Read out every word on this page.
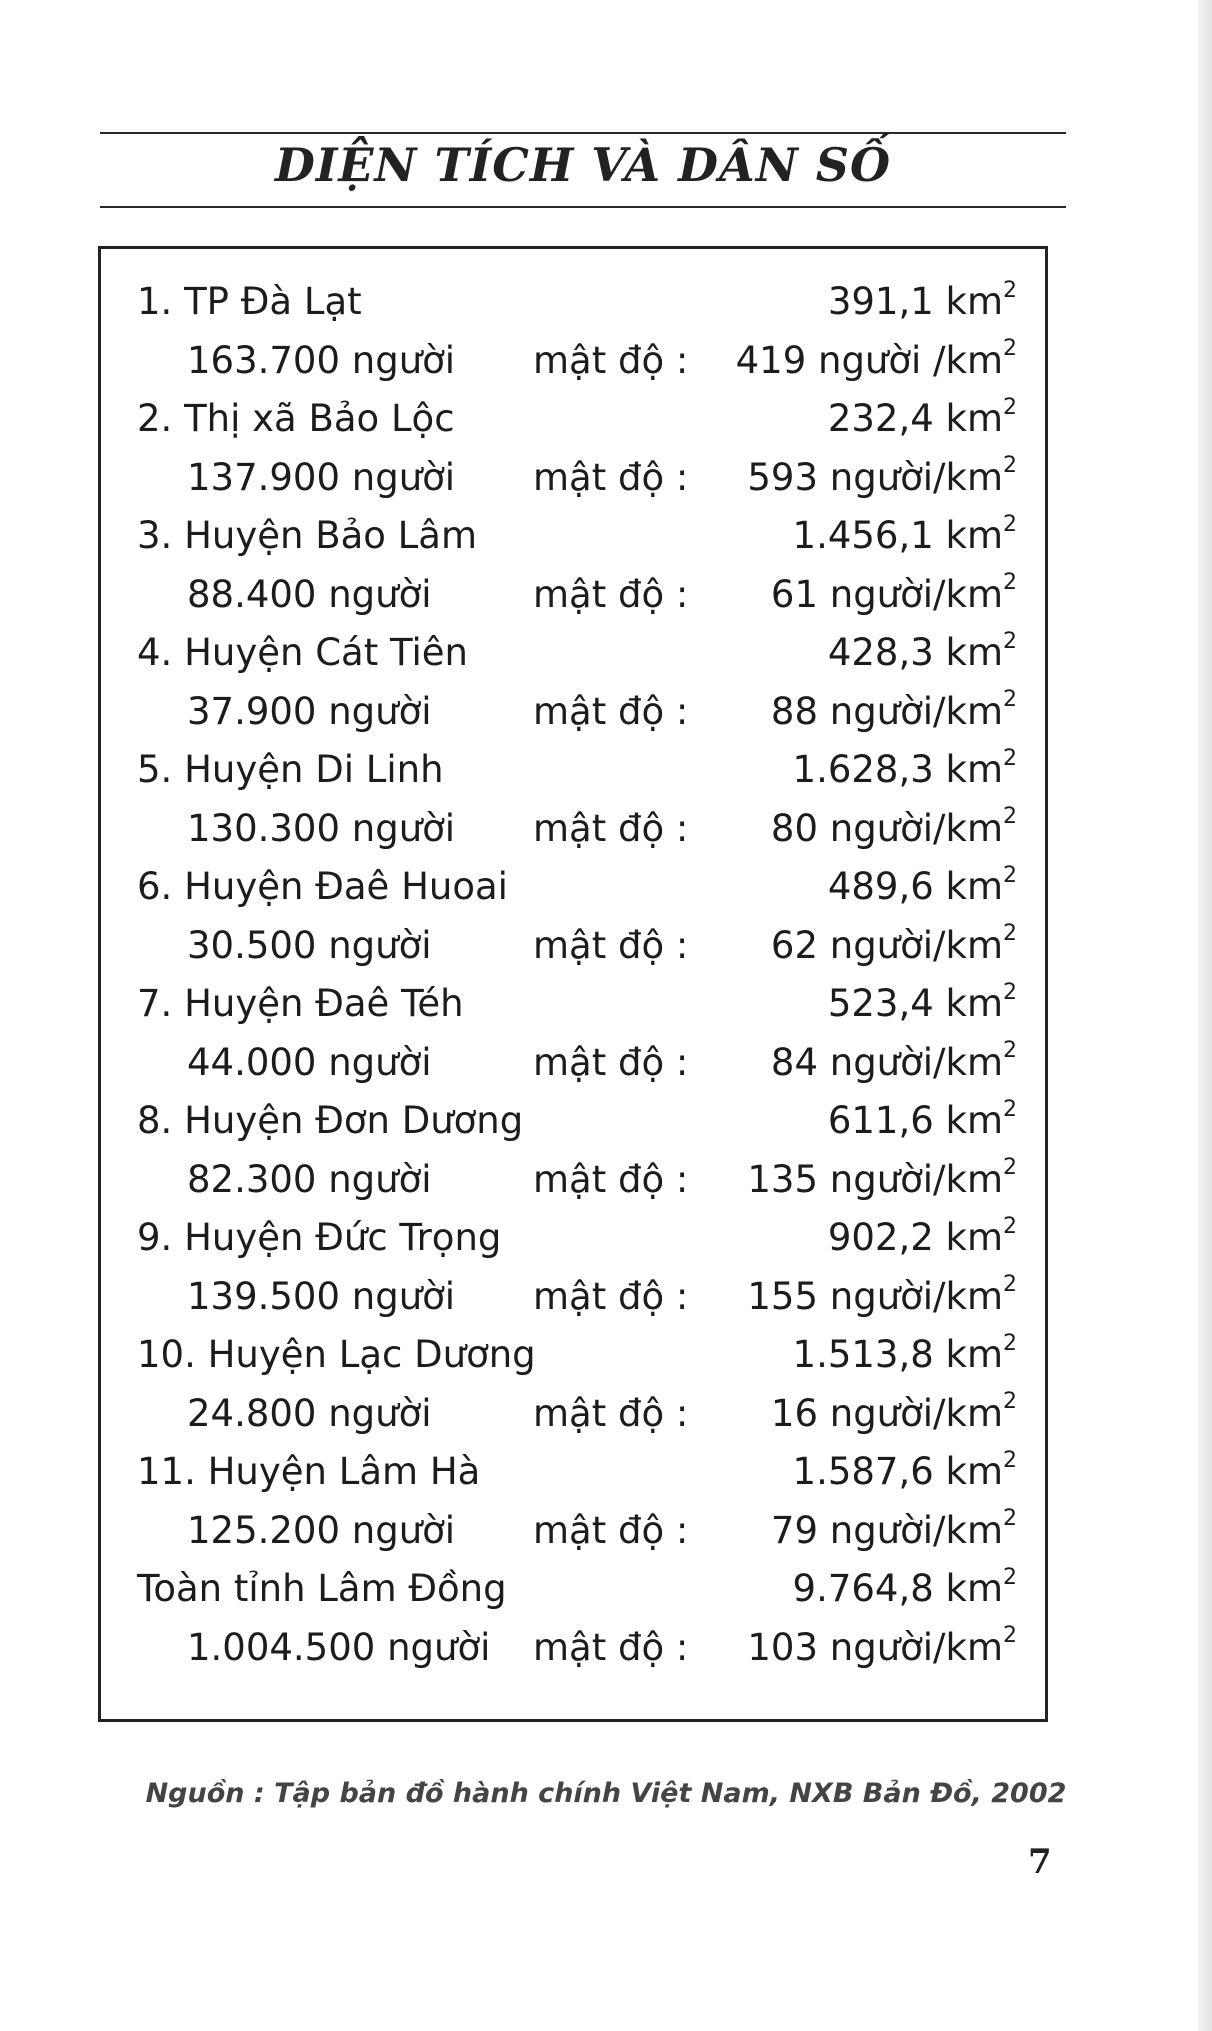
DIỆN TÍCH VÀ DÂN SỐ
1. TP Đà Lạt	391,1 $km^2$
163.700 người mật độ : 419 người $/km^2$
2. Thị xã Bảo Lộc	232,4 $km^2$
137.900 người mật độ : 593 người/$km^2$
3. Huyện Bảo Lâm	1.456,1 $km^2$
88.400 người	mật độ : 61 người/$km^2$
4. Huyện Cát Tiên	428,3 $km^2$
37.900 người	mật độ : 88 người/$km^2$
5. Huyện Di Linh	1.628,3 $km^2$
130.300 người mật độ : 80 người/$km^2$
6. Huyện Đaê Huoai	489,6 $km^2$
30.500 người	mật độ : 62 người/$km^2$
7. Huyện Đaê Téh	523,4 $km^2$
44.000 người	mật độ : 84 người/$km^2$
8. Huyện Đơn Dương	611,6 $km^2$
82.300 người	mật độ : 135 người/$km^2$
9. Huyện Đức Trọng	902,2 $km^2$
139.500 người mật độ : 155 người/$km^2$
10. Huyện Lạc Dương	1.513,8 $km^2$
24.800 người	mật độ : 16 người/$km^2$
11. Huyện Lâm Hà	1.587,6 $km^2$
125.200 người mật độ : 79 người/$km^2$
Toàn tỉnh Lâm Đồng	9.764,8 $km^2$
1.004.500 người mật độ : 103 người/$km^2$
Nguồn : Tập bản đồ hành chính Việt Nam, NXB Bản Đồ, 2002
7
